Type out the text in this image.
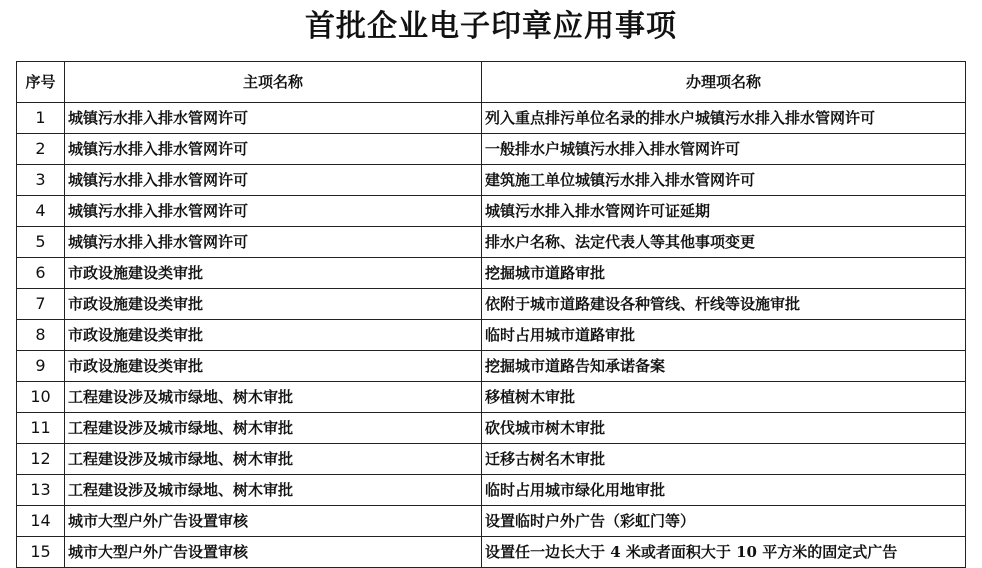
首批企业电子印章应用事项
序号	主项名称	办理项名称
1	城镇污水排入排水管网许可	列入重点排污单位名录的排水户城镇污水排入排水管网许可
2	城镇污水排入排水管网许可	一般排水户城镇污水排入排水管网许可
3	城镇污水排入排水管网许可	建筑施工单位城镇污水排入排水管网许可
4	城镇污水排入排水管网许可	城镇污水排入排水管网许可证延期
5	城镇污水排入排水管网许可	排水户名称、法定代表人等其他事项变更
6	市政设施建设类审批	挖掘城市道路审批
7	市政设施建设类审批	依附于城市道路建设各种管线、杆线等设施审批
8	市政设施建设类审批	临时占用城市道路审批
9	市政设施建设类审批	挖掘城市道路告知承诺备案
10	工程建设涉及城市绿地、树木审批	移植树木审批
11	工程建设涉及城市绿地、树木审批	砍伐城市树木审批
12	工程建设涉及城市绿地、树木审批	迁移古树名木审批
13	工程建设涉及城市绿地、树木审批	临时占用城市绿化用地审批
14	城市大型户外广告设置审核	设置临时户外广告（彩虹门等）
15	城市大型户外广告设置审核	设置任一边长大于 4 米或者面积大于 10 平方米的固定式广告
